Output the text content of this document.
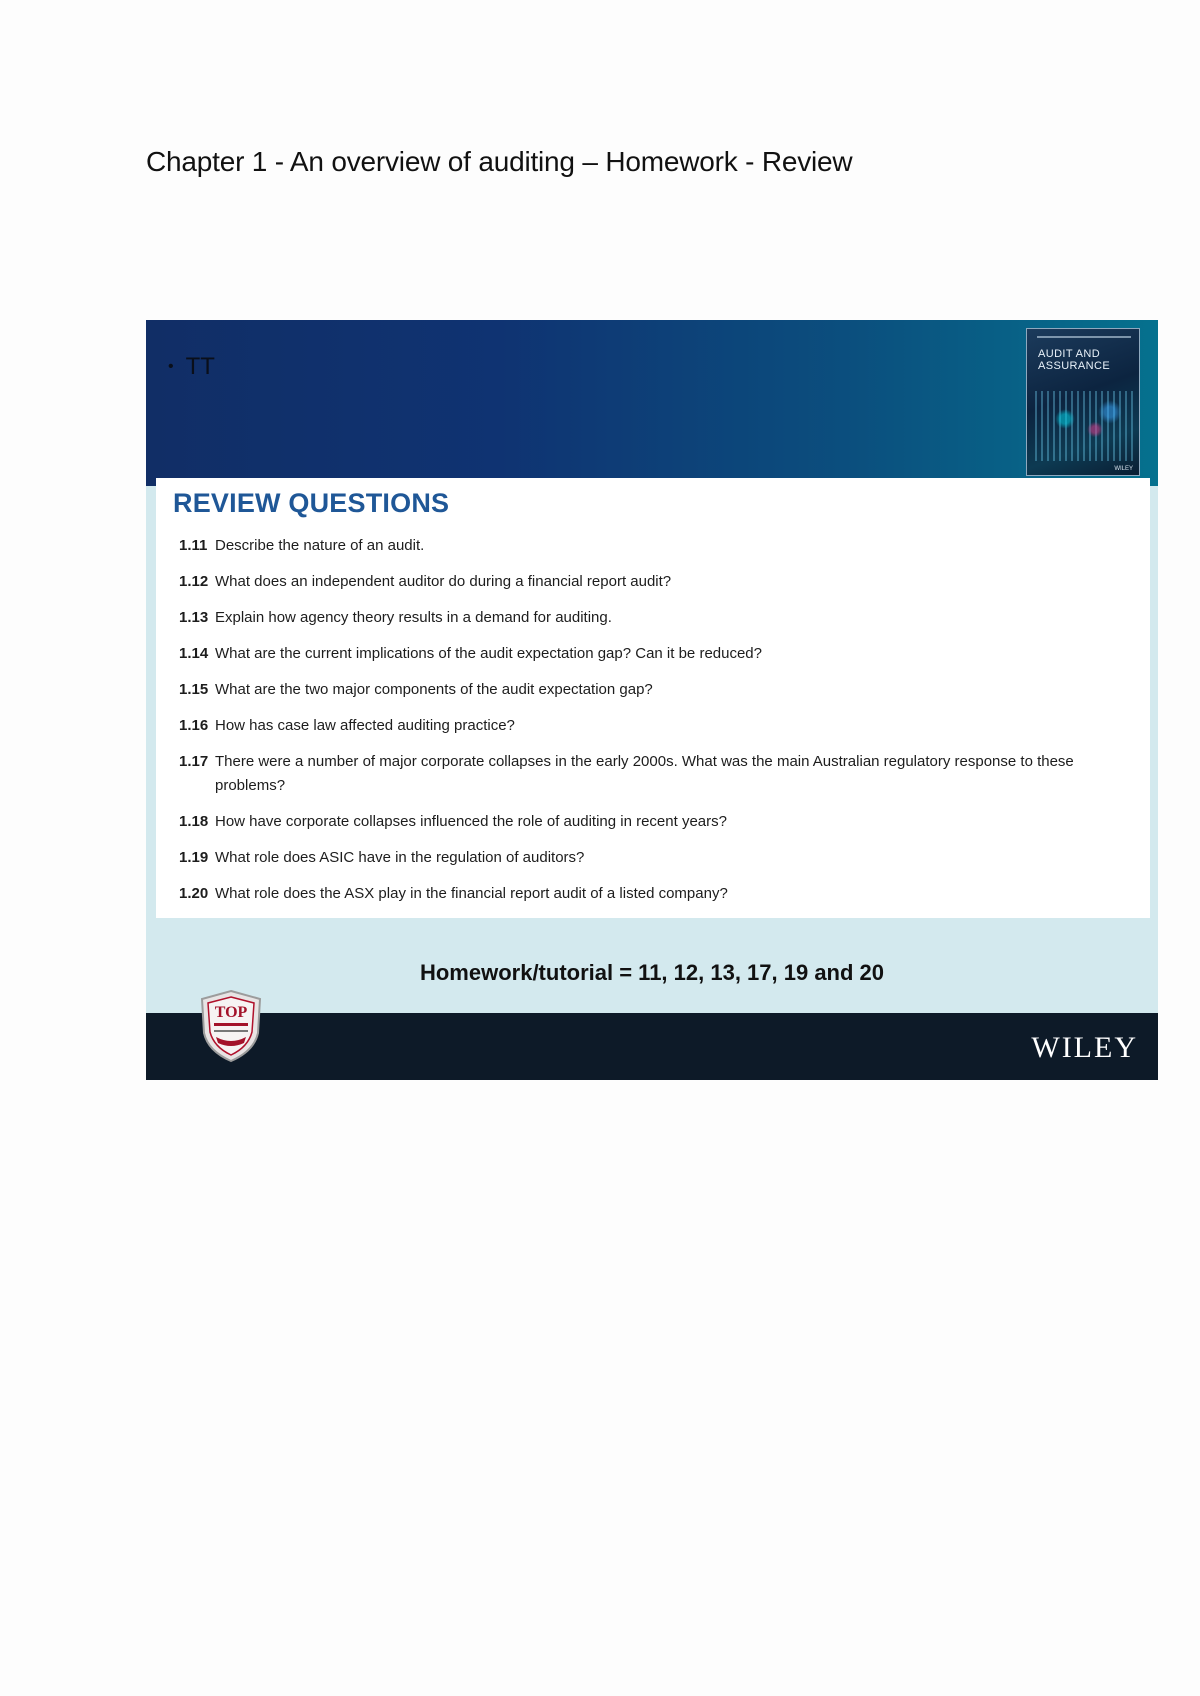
Chapter 1 - An overview of auditing – Homework - Review
• TT	AUDIT AND
ASSURANCE
WILEY
REVIEW QUESTIONS
1.11 Describe the nature of an audit.
1.12 What does an independent auditor do during a financial report audit?
1.13 Explain how agency theory results in a demand for auditing.
1.14 What are the current implications of the audit expectation gap? Can it be reduced?
1.15 What are the two major components of the audit expectation gap?
1.16 How has case law affected auditing practice?
1.17 There were a number of major corporate collapses in the early 2000s. What was the main Australian regulatory response to these problems?
1.18 How have corporate collapses influenced the role of auditing in recent years?
1.19 What role does ASIC have in the regulation of auditors?
1.20 What role does the ASX play in the financial report audit of a listed company?
Homework/tutorial = 11, 12, 13, 17, 19 and 20
TOP
WILEY
